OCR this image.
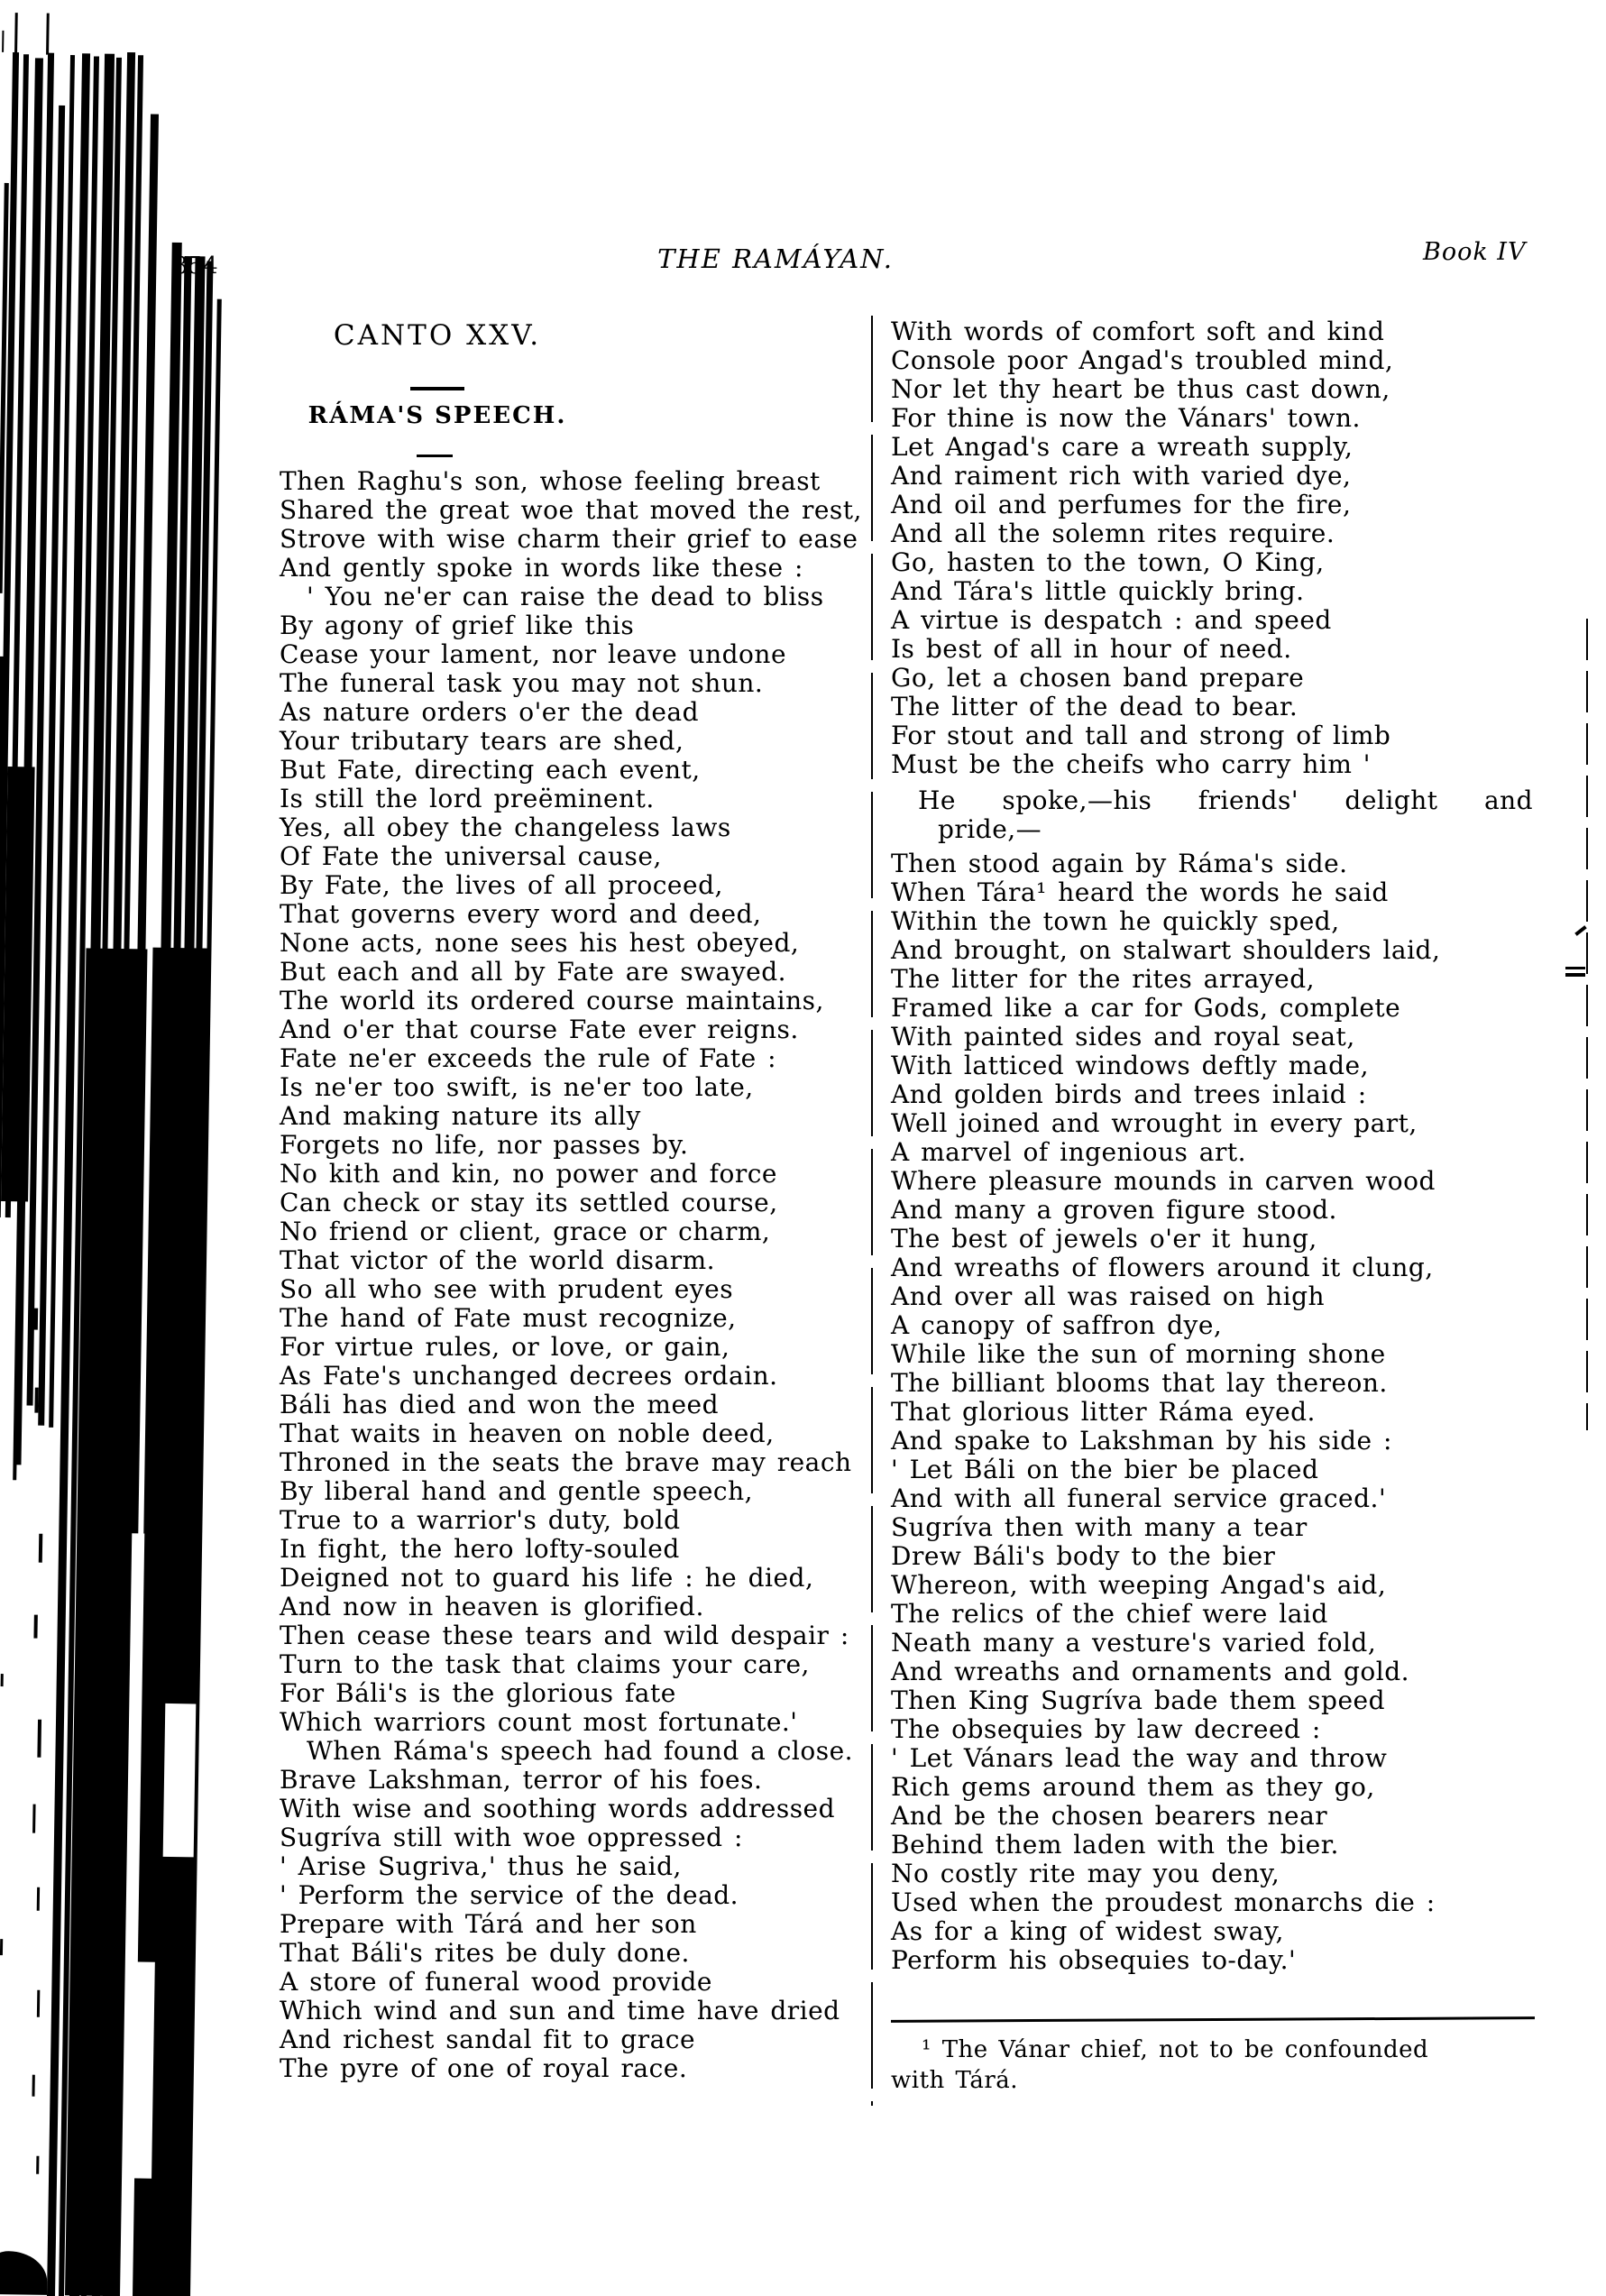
354	THE RAMÁYAN.	Book IV
CANTO XXV.
RÁMA'S SPEECH.
Then Raghu's son, whose feeling breast
Shared the great woe that moved the rest,
Strove with wise charm their grief to ease
And gently spoke in words like these :
' You ne'er can raise the dead to bliss
By agony of grief like this
Cease your lament, nor leave undone
The funeral task you may not shun.
As nature orders o'er the dead
Your tributary tears are shed,
But Fate, directing each event,
Is still the lord preëminent.
Yes, all obey the changeless laws
Of Fate the universal cause,
By Fate, the lives of all proceed,
That governs every word and deed,
None acts, none sees his hest obeyed,
But each and all by Fate are swayed.
The world its ordered course maintains,
And o'er that course Fate ever reigns.
Fate ne'er exceeds the rule of Fate :
Is ne'er too swift, is ne'er too late,
And making nature its ally
Forgets no life, nor passes by.
No kith and kin, no power and force
Can check or stay its settled course,
No friend or client, grace or charm,
That victor of the world disarm.
So all who see with prudent eyes
The hand of Fate must recognize,
For virtue rules, or love, or gain,
As Fate's unchanged decrees ordain.
Báli has died and won the meed
That waits in heaven on noble deed,
Throned in the seats the brave may reach
By liberal hand and gentle speech,
True to a warrior's duty, bold
In fight, the hero lofty-souled
Deigned not to guard his life : he died,
And now in heaven is glorified.
Then cease these tears and wild despair :
Turn to the task that claims your care,
For Báli's is the glorious fate
Which warriors count most fortunate.'
When Ráma's speech had found a close.
Brave Lakshman, terror of his foes.
With wise and soothing words addressed
Sugríva still with woe oppressed :
' Arise Sugriva,' thus he said,
' Perform the service of the dead.
Prepare with Tárá and her son
That Báli's rites be duly done.
A store of funeral wood provide
Which wind and sun and time have dried
And richest sandal fit to grace
The pyre of one of royal race.
With words of comfort soft and kind
Console poor Angad's troubled mind,
Nor let thy heart be thus cast down,
For thine is now the Vánars' town.
Let Angad's care a wreath supply,
And raiment rich with varied dye,
And oil and perfumes for the fire,
And all the solemn rites require.
Go, hasten to the town, O King,
And Tára's little quickly bring.
A virtue is despatch : and speed
Is best of all in hour of need.
Go, let a chosen band prepare
The litter of the dead to bear.
For stout and tall and strong of limb
Must be the cheifs who carry him '
He spoke,—his friends' delight and
pride,—
Then stood again by Ráma's side.
When Tára¹ heard the words he said
Within the town he quickly sped,
And brought, on stalwart shoulders laid,
The litter for the rites arrayed,
Framed like a car for Gods, complete
With painted sides and royal seat,
With latticed windows deftly made,
And golden birds and trees inlaid :
Well joined and wrought in every part,
A marvel of ingenious art.
Where pleasure mounds in carven wood
And many a groven figure stood.
The best of jewels o'er it hung,
And wreaths of flowers around it clung,
And over all was raised on high
A canopy of saffron dye,
While like the sun of morning shone
The billiant blooms that lay thereon.
That glorious litter Ráma eyed.
And spake to Lakshman by his side :
' Let Báli on the bier be placed
And with all funeral service graced.'
Sugríva then with many a tear
Drew Báli's body to the bier
Whereon, with weeping Angad's aid,
The relics of the chief were laid
Neath many a vesture's varied fold,
And wreaths and ornaments and gold.
Then King Sugríva bade them speed
The obsequies by law decreed :
' Let Vánars lead the way and throw
Rich gems around them as they go,
And be the chosen bearers near
Behind them laden with the bier.
No costly rite may you deny,
Used when the proudest monarchs die :
As for a king of widest sway,
Perform his obsequies to-day.'
¹ The Vánar chief, not to be confounded
with Tárá.
